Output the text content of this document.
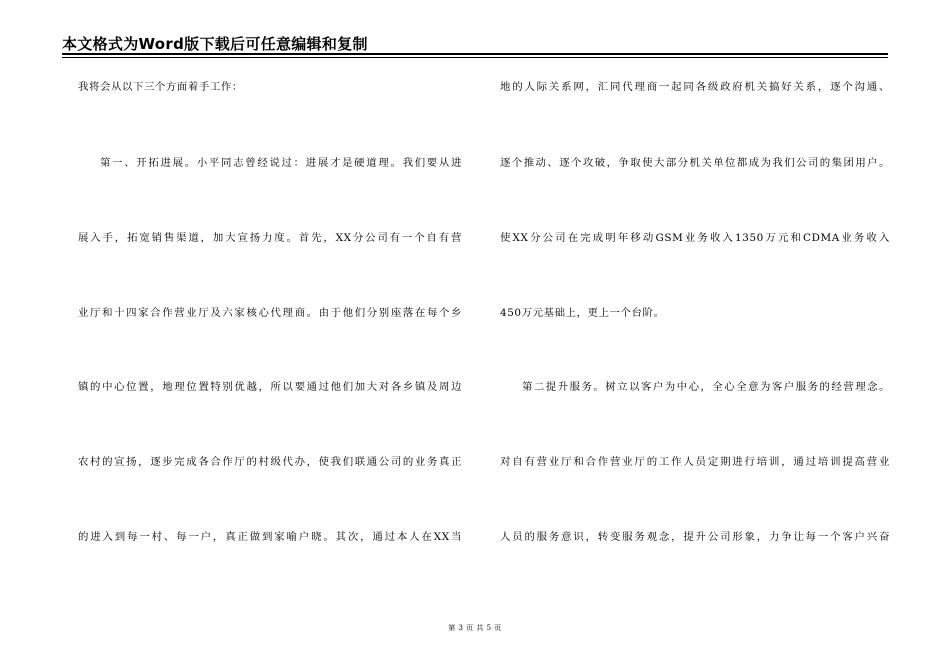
本文格式为Word版下载后可任意编辑和复制

我将会从以下三个方面着手工作：

第一、开拓进展。小平同志曾经说过：进展才是硬道理。我们要从进

展入手，拓宽销售渠道，加大宣扬力度。首先，XX分公司有一个自有营

业厅和十四家合作营业厅及六家核心代理商。由于他们分别座落在每个乡

镇的中心位置，地理位置特别优越，所以要通过他们加大对各乡镇及周边

农村的宣扬，逐步完成各合作厅的村级代办，使我们联通公司的业务真正

的进入到每一村、每一户，真正做到家喻户晓。其次，通过本人在XX当

地的人际关系网，汇同代理商一起同各级政府机关搞好关系，逐个沟通、

逐个推动、逐个攻破，争取使大部分机关单位都成为我们公司的集团用户。

使XX分公司在完成明年移动GSM业务收入1350万元和CDMA业务收入

450万元基础上，更上一个台阶。

第二提升服务。树立以客户为中心，全心全意为客户服务的经营理念。

对自有营业厅和合作营业厅的工作人员定期进行培训，通过培训提高营业

人员的服务意识，转变服务观念，提升公司形象，力争让每一个客户兴奋

第 3 页 共 5 页
